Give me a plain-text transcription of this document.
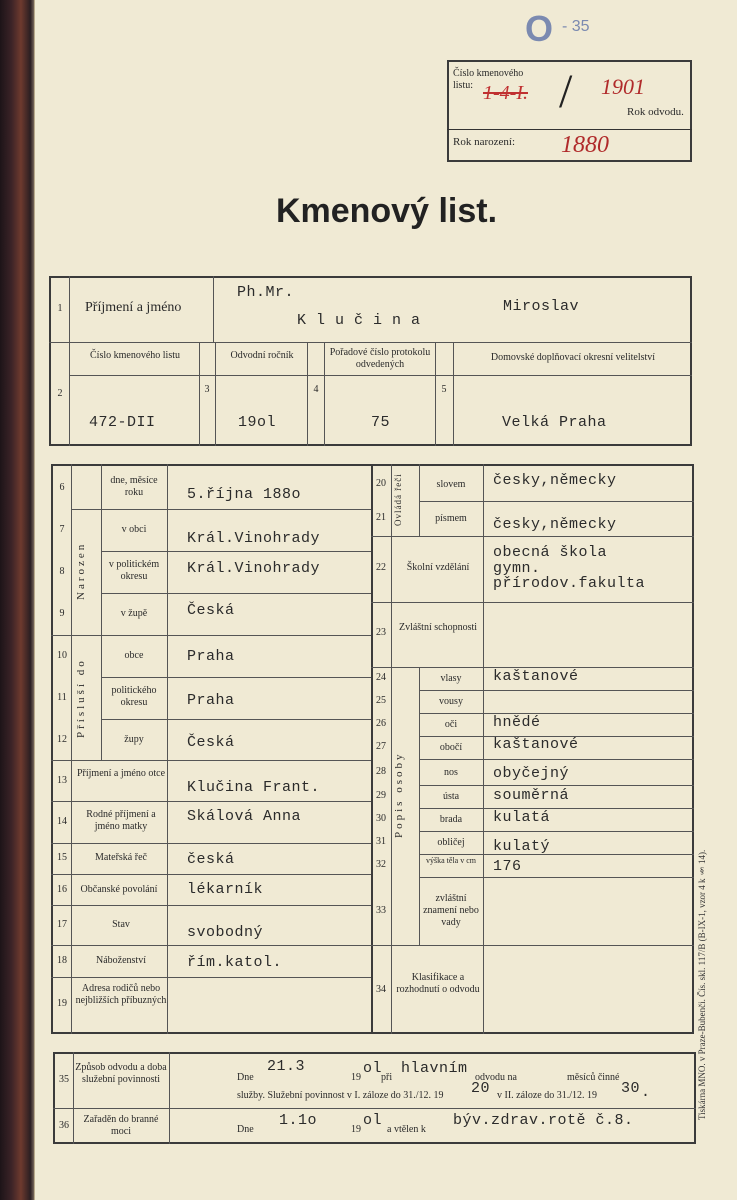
O - 35
Číslo kmenového listu: 1-4-I. / 1901
Rok odvodu.
Rok narození: 1880
Kmenový list.
1	Příjmení a jméno
Ph.Mr.
K l u č i n a
Miroslav
2
Číslo kmenového listu
472-DII
3
Odvodní ročník
19ol
4
Pořadové číslo protokolu odvedených
75
5
Domovské doplňovací okresní velitelství
Velká Praha
6
7
8
9
10
11
12
13
14
15
16
17
18
19
Narozen
Přísluší do
dne, měsíce roku
v obci
v politickém okresu
v župě
obce
politického okresu
župy
Příjmení a jméno otce
Rodné příjmení a jméno matky
Mateřská řeč
Občanské povolání
Stav
Náboženství
Adresa rodičů nebo nejbližších příbuzných
5.října 188o
Král.Vinohrady
Král.Vinohrady
Česká
Praha
Praha
Česká
Klučina Frant.
Skálová Anna
česká
lékarník
svobodný
řím.katol.
Ovládá řeči
Popis osoby
20
21
22
23
24
25
26
27
28
29
30
31
32
33
34
slovem
písmem
Školní vzdělání
Zvláštní schopnosti
vlasy
vousy
oči
obočí
nos
ústa
brada
obličej
výška těla v cm
zvláštní znamení nebo vady
Klasifikace a rozhodnutí o odvodu
česky,německy
česky,německy
obecná škola
gymn.
přírodov.fakulta
kaštanové
hnědé
kaštanové
obyčejný
souměrná
kulatá
kulatý
176
35
Způsob odvodu a doba služební povinnosti
36
Zařaděn do branné moci
Dne
21.3
19
ol
při
hlavním
odvodu na	měsíců činné
služby. Služební povinnost v I. záloze do 31./12. 19 20 v II. záloze do 31./12. 19 30 .
Dne
1.1o
19
ol
a vtělen k
býv.zdrav.rotě č.8.
Tiskárna MNO. v Praze-Bubenči. Čís. skl. 117/B (B-IX-1, vzor 4 k § 14).
